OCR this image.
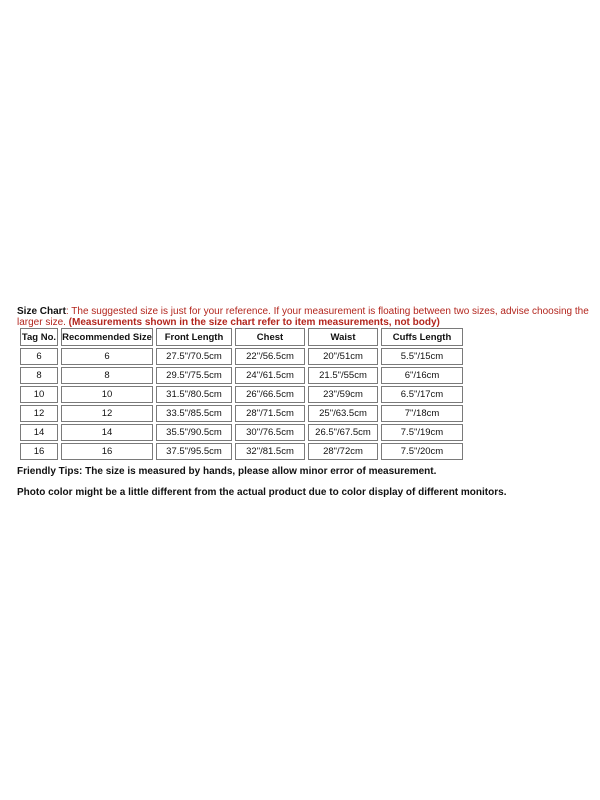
Size Chart: The suggested size is just for your reference. If your measurement is floating between two sizes, advise choosing the larger size. (Measurements shown in the size chart refer to item measurements, not body)
Tag No.	Recommended Size	Front Length	Chest	Waist	Cuffs Length
6	6	27.5"/70.5cm	22"/56.5cm	20"/51cm	5.5"/15cm
8	8	29.5"/75.5cm	24"/61.5cm	21.5"/55cm	6"/16cm
10	10	31.5"/80.5cm	26"/66.5cm	23"/59cm	6.5"/17cm
12	12	33.5"/85.5cm	28"/71.5cm	25"/63.5cm	7"/18cm
14	14	35.5"/90.5cm	30"/76.5cm	26.5"/67.5cm	7.5"/19cm
16	16	37.5"/95.5cm	32"/81.5cm	28"/72cm	7.5"/20cm
Friendly Tips: The size is measured by hands, please allow minor error of measurement.
Photo color might be a little different from the actual product due to color display of different monitors.
